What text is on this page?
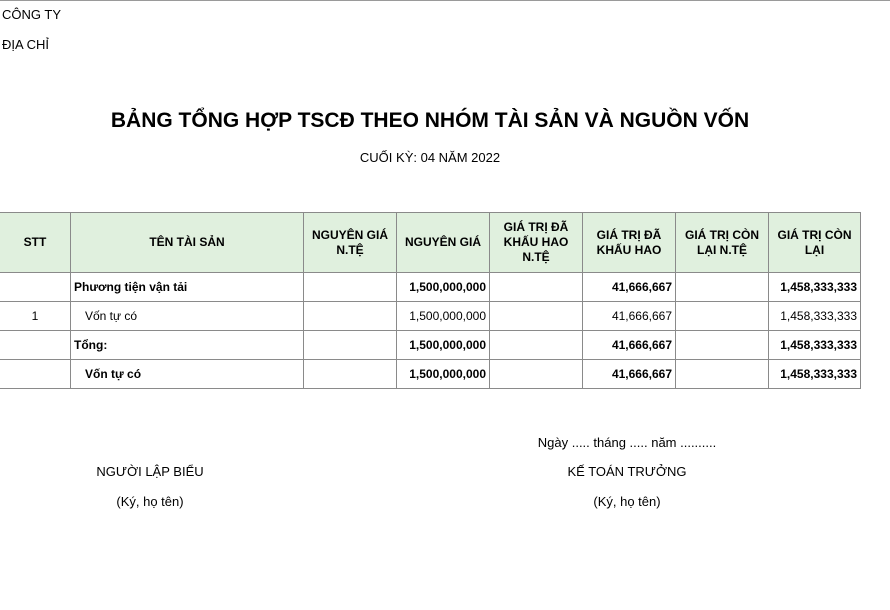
CÔNG TY
ĐỊA CHỈ
BẢNG TỔNG HỢP TSCĐ THEO NHÓM TÀI SẢN VÀ NGUỒN VỐN
CUỐI KỲ: 04 NĂM 2022
STT	TÊN TÀI SẢN	NGUYÊN GIÁ N.TỆ	NGUYÊN GIÁ	GIÁ TRỊ ĐÃ KHẤU HAO N.TỆ	GIÁ TRỊ ĐÃ KHẤU HAO	GIÁ TRỊ CÒN LẠI N.TỆ	GIÁ TRỊ CÒN LẠI
	Phương tiện vận tải		1,500,000,000		41,666,667		1,458,333,333
1	Vốn tự có		1,500,000,000		41,666,667		1,458,333,333
	Tổng:		1,500,000,000		41,666,667		1,458,333,333
	Vốn tự có		1,500,000,000		41,666,667		1,458,333,333
Ngày ..... tháng ..... năm ..........
NGƯỜI LẬP BIỂU
(Ký, họ tên)
KẾ TOÁN TRƯỞNG
(Ký, họ tên)
